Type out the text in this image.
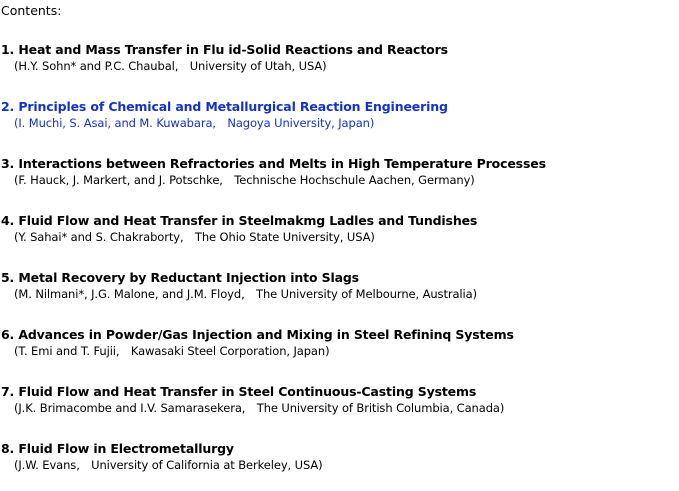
Contents:
1. Heat and Mass Transfer in Flu id-Solid Reactions and Reactors
(H.Y. Sohn* and P.C. Chaubal,　University of Utah, USA)
2. Principles of Chemical and Metallurgical Reaction Engineering
(I. Muchi, S. Asai, and M. Kuwabara,　Nagoya University, Japan)
3. Interactions between Refractories and Melts in High Temperature Processes
(F. Hauck, J. Markert, and J. Potschke,　Technische Hochschule Aachen, Germany)
4. Fluid Flow and Heat Transfer in Steelmakmg Ladles and Tundishes
(Y. Sahai* and S. Chakraborty,　The Ohio State University, USA)
5. Metal Recovery by Reductant Injection into Slags
(M. Nilmani*, J.G. Malone, and J.M. Floyd,　The University of Melbourne, Australia)
6. Advances in Powder/Gas Injection and Mixing in Steel Refininq Systems
(T. Emi and T. Fujii,　Kawasaki Steel Corporation, Japan)
7. Fluid Flow and Heat Transfer in Steel Continuous-Casting Systems
(J.K. Brimacombe and I.V. Samarasekera,　The University of British Columbia, Canada)
8. Fluid Flow in Electrometallurgy
(J.W. Evans,　University of California at Berkeley, USA)
